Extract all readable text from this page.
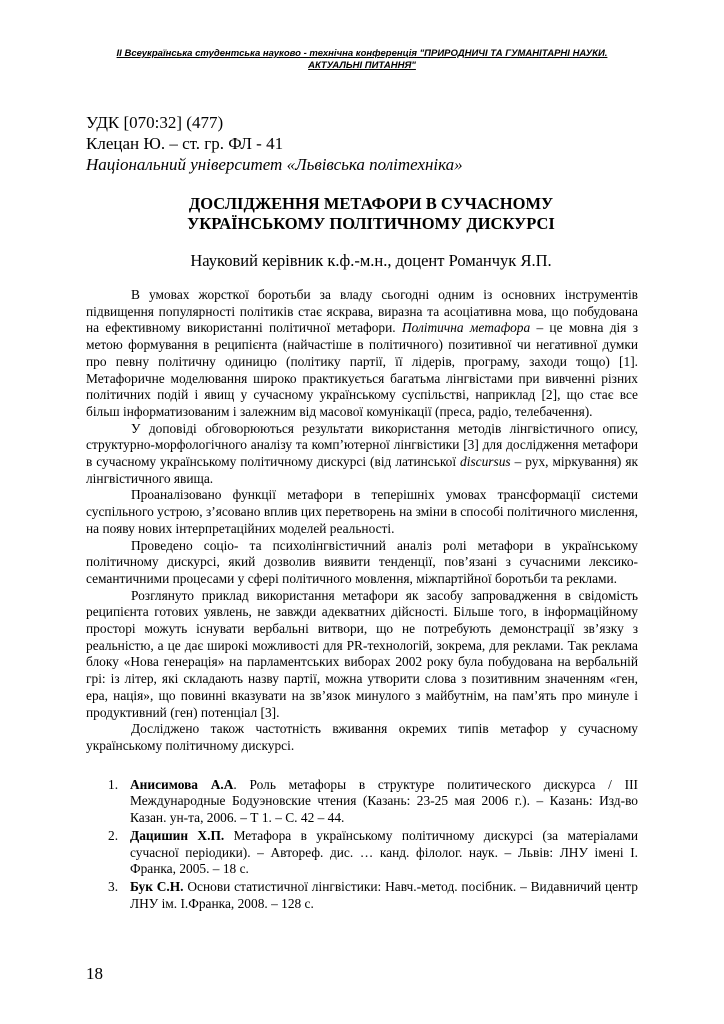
II Всеукраїнська студентська науково - технічна конференція "ПРИРОДНИЧІ ТА ГУМАНІТАРНІ НАУКИ.
АКТУАЛЬНІ ПИТАННЯ"
УДК [070:32] (477)
Клецан Ю. – ст. гр. ФЛ - 41
Національний університет «Львівська політехніка»
ДОСЛІДЖЕННЯ МЕТАФОРИ В СУЧАСНОМУ
УКРАЇНСЬКОМУ ПОЛІТИЧНОМУ ДИСКУРСІ
Науковий керівник к.ф.-м.н., доцент Романчук Я.П.

В умовах жорсткої боротьби за владу сьогодні одним із основних інструментів підвищення популярності політиків стає яскрава, виразна та асоціативна мова, що побудована на ефективному використанні політичної метафори. Політична метафора – це мовна дія з метою формування в реципієнта (найчастіше в політичного) позитивної чи негативної думки про певну політичну одиницю (політику партії, її лідерів, програму, заходи тощо) [1]. Метафоричне моделювання широко практикується багатьма лінгвістами при вивченні різних політичних подій і явищ у сучасному українському суспільстві, наприклад [2], що стає все більш інформатизованим і залежним від масової комунікації (преса, радіо, телебачення).

У доповіді обговорюються результати використання методів лінгвістичного опису, структурно-морфологічного аналізу та комп’ютерної лінгвістики [3] для дослідження метафори в сучасному українському політичному дискурсі (від латинської discursus – рух, міркування) як лінгвістичного явища.

Проаналізовано функції метафори в теперішніх умовах трансформації системи суспільного устрою, з’ясовано вплив цих перетворень на зміни в способі політичного мислення, на появу нових інтерпретаційних моделей реальності.

Проведено соціо- та психолінгвістичний аналіз ролі метафори в українському політичному дискурсі, який дозволив виявити тенденції, пов’язані з сучасними лексико-семантичними процесами у сфері політичного мовлення, міжпартійної боротьби та реклами.

Розглянуто приклад використання метафори як засобу запровадження в свідомість реципієнта готових уявлень, не завжди адекватних дійсності. Більше того, в інформаційному просторі можуть існувати вербальні витвори, що не потребують демонстрації зв’язку з реальністю, а це дає широкі можливості для PR-технологій, зокрема, для реклами. Так реклама блоку «Нова генерація» на парламентських виборах 2002 року була побудована на вербальній грі: із літер, які складають назву партії, можна утворити слова з позитивним значенням «ген, ера, нація», що повинні вказувати на зв’язок минулого з майбутнім, на пам’ять про минуле і продуктивний (ген) потенціал [3].

Досліджено також частотність вживання окремих типів метафор у сучасному українському політичному дискурсі.

1. Анисимова А.А. Роль метафоры в структуре политического дискурса / III Международные Бодуэновские чтения (Казань: 23-25 мая 2006 г.). – Казань: Изд-во Казан. ун-та, 2006. – Т 1. – С. 42 – 44.
2. Дацишин Х.П. Метафора в українському політичному дискурсі (за матеріалами сучасної періодики). – Автореф. дис. … канд. філолог. наук. – Львів: ЛНУ імені І. Франка, 2005. – 18 с.
3. Бук С.Н. Основи статистичної лінгвістики: Навч.-метод. посібник. – Видавничий центр ЛНУ ім. І.Франка, 2008. – 128 с.
18
